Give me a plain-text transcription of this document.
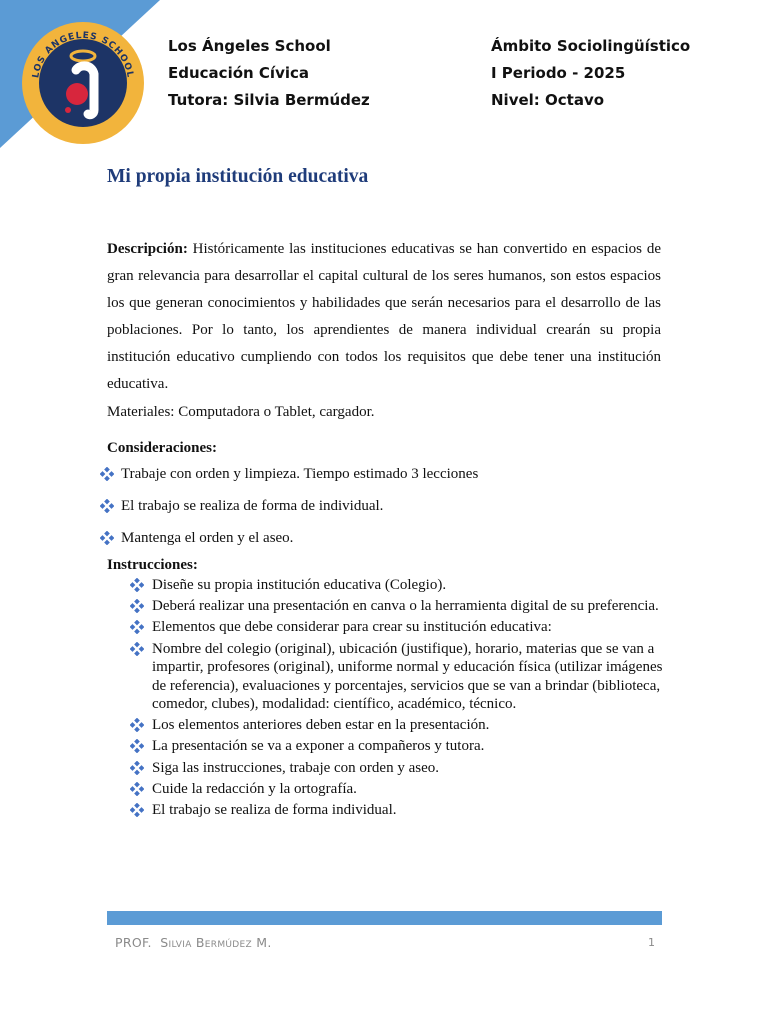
LOS ANGELES SCHOOL
Los Ángeles School
Educación Cívica
Tutora: Silvia Bermúdez
Ámbito Sociolingüístico
I Periodo - 2025
Nivel: Octavo
Mi propia institución educativa

Descripción: Históricamente las instituciones educativas se han convertido en espacios de gran relevancia para desarrollar el capital cultural de los seres humanos, son estos espacios los que generan conocimientos y habilidades que serán necesarios para el desarrollo de las poblaciones. Por lo tanto, los aprendientes de manera individual crearán su propia institución educativo cumpliendo con todos los requisitos que debe tener una institución educativa.

Materiales: Computadora o Tablet, cargador.

Consideraciones:

Trabaje con orden y limpieza. Tiempo estimado 3 lecciones
El trabajo se realiza de forma de individual.
Mantenga el orden y el aseo.

Instrucciones:

Diseñe su propia institución educativa (Colegio).
Deberá realizar una presentación en canva o la herramienta digital de su preferencia.
Elementos que debe considerar para crear su institución educativa:
Nombre del colegio (original), ubicación (justifique), horario, materias que se van a impartir, profesores (original), uniforme normal y educación física (utilizar imágenes de referencia), evaluaciones y porcentajes, servicios que se van a brindar (biblioteca, comedor, clubes), modalidad: científico, académico, técnico.
Los elementos anteriores deben estar en la presentación.
La presentación se va a exponer a compañeros y tutora.
Siga las instrucciones, trabaje con orden y aseo.
Cuide la redacción y la ortografía.
El trabajo se realiza de forma individual.
PROF. Silvia Bermúdez M.	1
